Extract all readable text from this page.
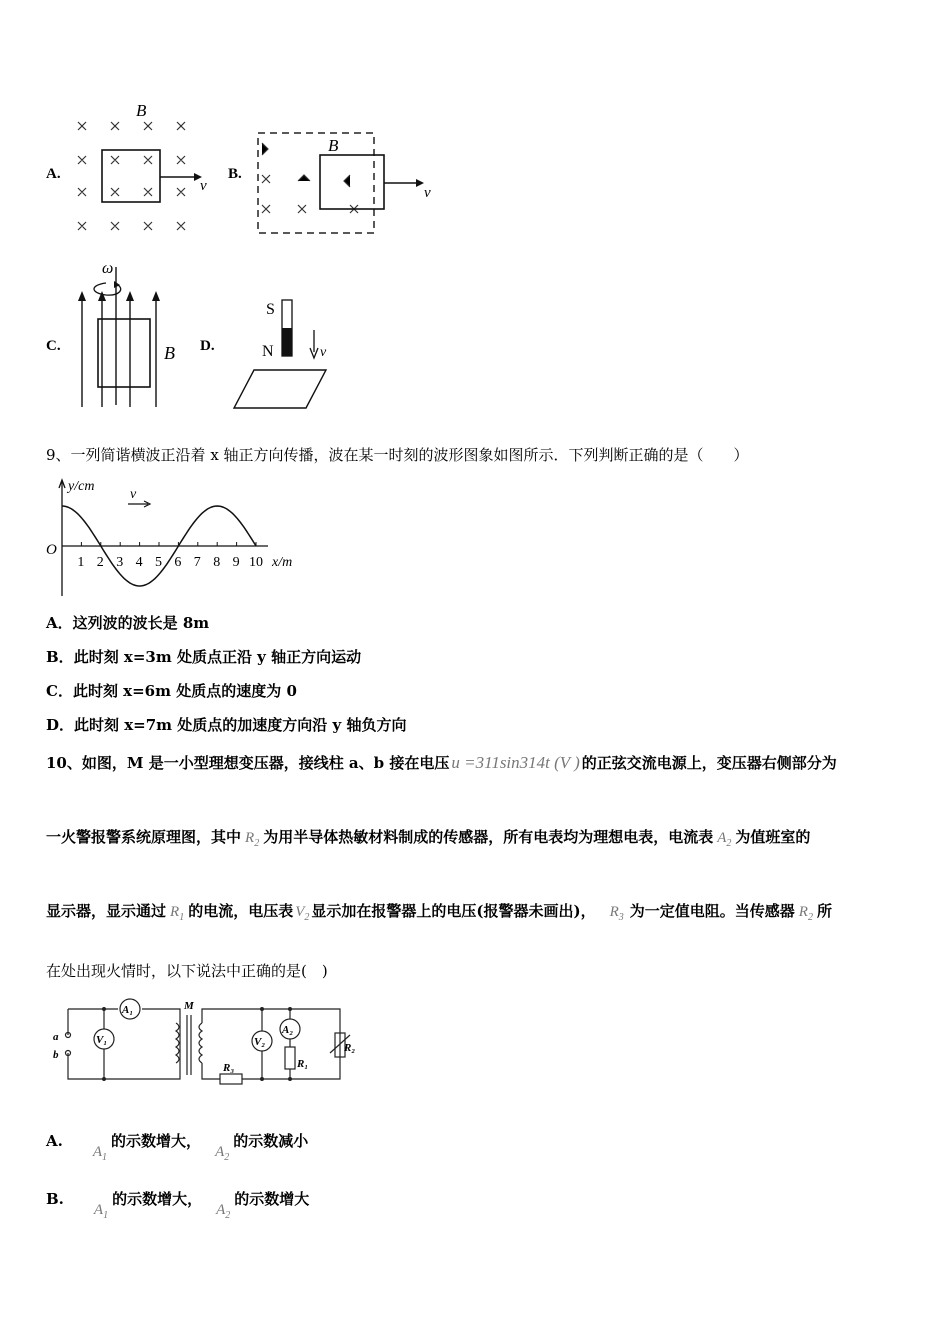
A.
B
v
B.
B
v
C.
ω
B D.
S
N	v
9、一列简谐横波正沿着 x 轴正方向传播，波在某一时刻的波形图象如图所示．下列判断正确的是（　　）
y/cm
x/m
O
1 2 3 4 5 6 7 8 9 10
v
A．这列波的波长是 8m
B．此时刻 x=3m 处质点正沿 y 轴正方向运动
C．此时刻 x=6m 处质点的速度为 0
D．此时刻 x=7m 处质点的加速度方向沿 y 轴负方向
10、如图，M 是一小型理想变压器，接线柱 a、b 接在电压 u =311sin314t (V ) 的正弦交流电源上，变压器右侧部分为
一火警报警系统原理图，其中 $R_2$ 为用半导体热敏材料制成的传感器，所有电表均为理想电表，电流表 $A_2$ 为值班室的
显示器，显示通过 $R_1$ 的电流，电压表 $V_2$ 显示加在报警器上的电压(报警器未画出)， $R_3$ 为一定值电阻。当传感器 $R_2$ 所
在处出现火情时，以下说法中正确的是(　)
a
b
A₁
V₁
M
V₂
A₂
R₁
R₂
R₃
$A.A_1$的示数增大，$A_2$的示数减小
$B.A_1$的示数增大，$A_2$的示数增大
